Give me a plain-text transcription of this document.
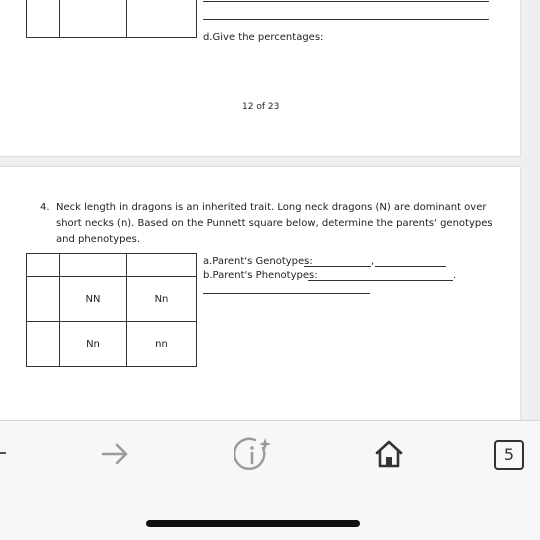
d.Give the percentages:
12 of 23
4. Neck length in dragons is an inherited trait. Long neck dragons (N) are dominant over short necks (n). Based on the Punnett square below, determine the parents' genotypes and phenotypes.

	NN	Nn
	Nn	nn
a.Parent's Genotypes:	,
b.Parent's Phenotypes:	.
5
